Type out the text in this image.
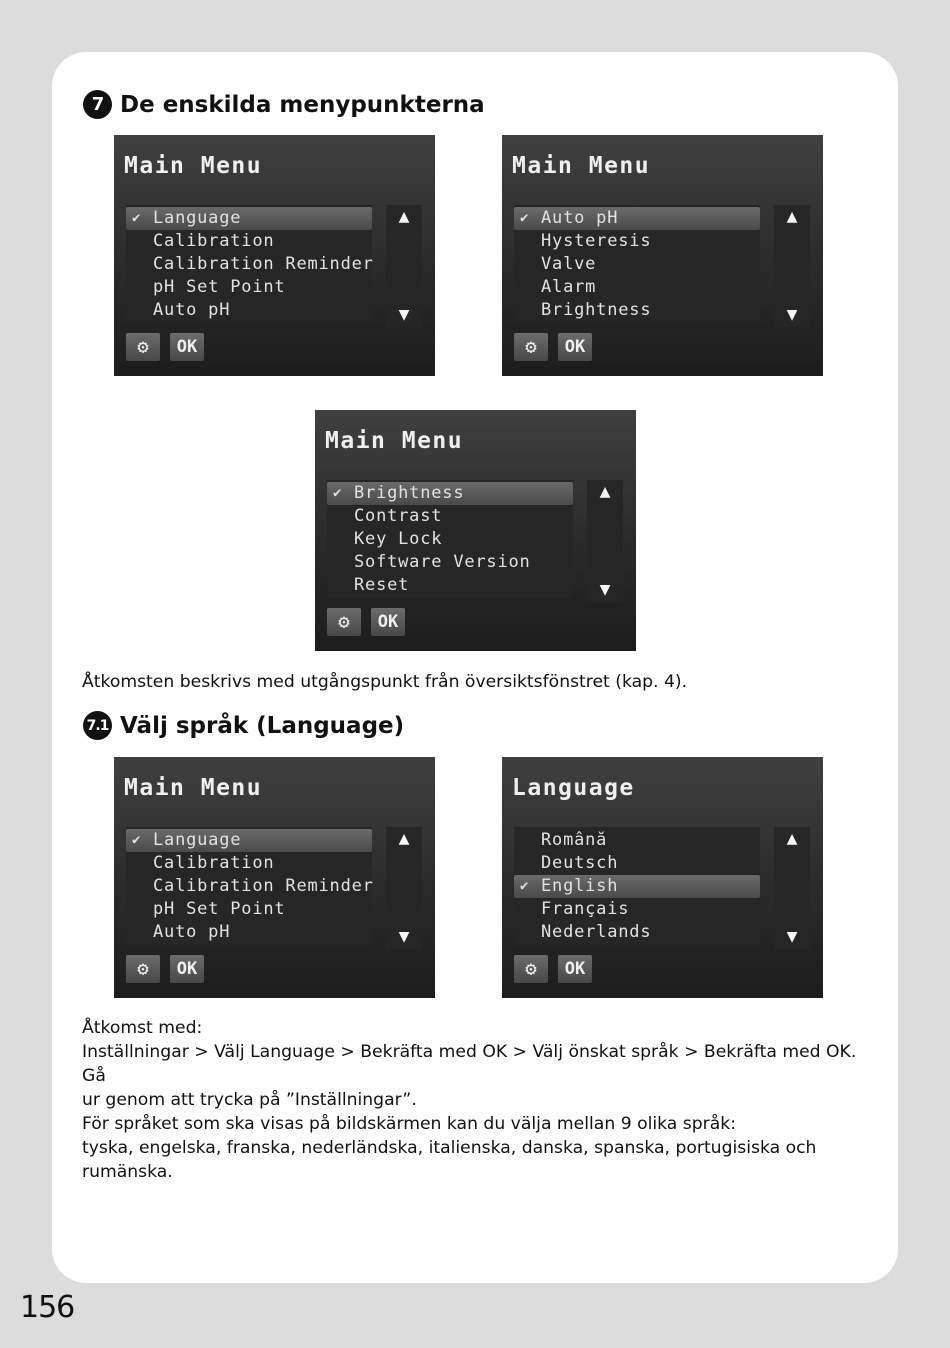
7 De enskilda menypunkterna
Main Menu
✔ Language
Calibration
Calibration Reminder
pH Set Point
Auto pH
▲
▼
⚙	OK
Main Menu
✔ Auto pH
Hysteresis
Valve
Alarm
Brightness
▲
▼
⚙	OK
Main Menu
✔ Brightness
Contrast
Key Lock
Software Version
Reset
▲
▼
⚙	OK
Åtkomsten beskrivs med utgångspunkt från översiktsfönstret (kap. 4).
7.1 Välj språk (Language)
Main Menu
✔ Language
Calibration
Calibration Reminder
pH Set Point
Auto pH
▲
▼
⚙	OK
Language
Română
Deutsch
✔ English
Français
Nederlands
▲
▼
⚙	OK
Åtkomst med:
Inställningar > Välj Language > Bekräfta med OK > Välj önskat språk > Bekräfta med OK. Gå
ur genom att trycka på ”Inställningar”.
För språket som ska visas på bildskärmen kan du välja mellan 9 olika språk:
tyska, engelska, franska, nederländska, italienska, danska, spanska, portugisiska och
rumänska.
156
